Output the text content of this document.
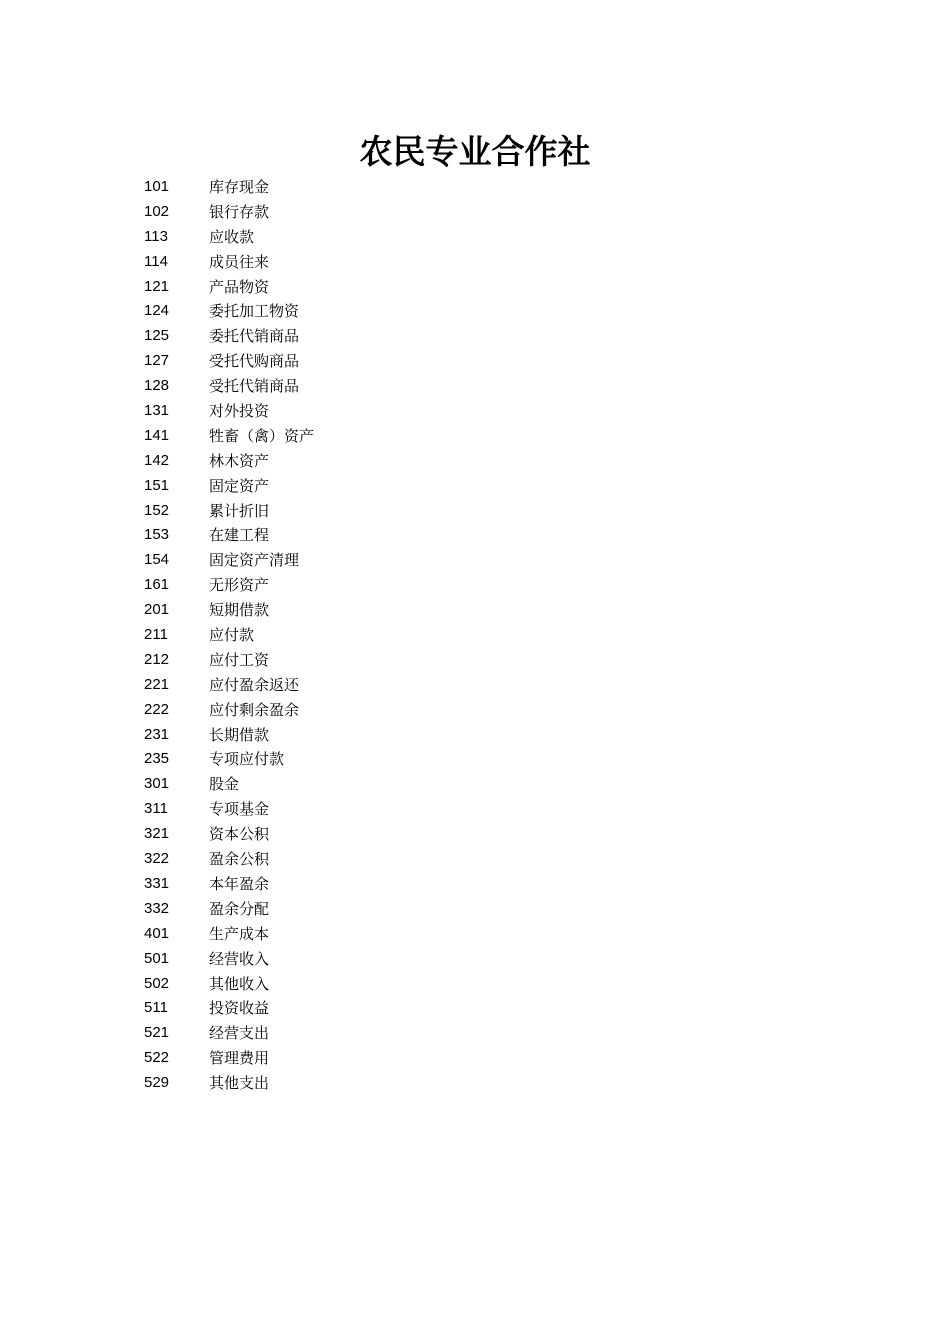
农民专业合作社
101	库存现金
102	银行存款
113	应收款
114	成员往来
121	产品物资
124	委托加工物资
125	委托代销商品
127	受托代购商品
128	受托代销商品
131	对外投资
141	牲畜（禽）资产
142	林木资产
151	固定资产
152	累计折旧
153	在建工程
154	固定资产清理
161	无形资产
201	短期借款
211	应付款
212	应付工资
221	应付盈余返还
222	应付剩余盈余
231	长期借款
235	专项应付款
301	股金
311	专项基金
321	资本公积
322	盈余公积
331	本年盈余
332	盈余分配
401	生产成本
501	经营收入
502	其他收入
511	投资收益
521	经营支出
522	管理费用
529	其他支出
